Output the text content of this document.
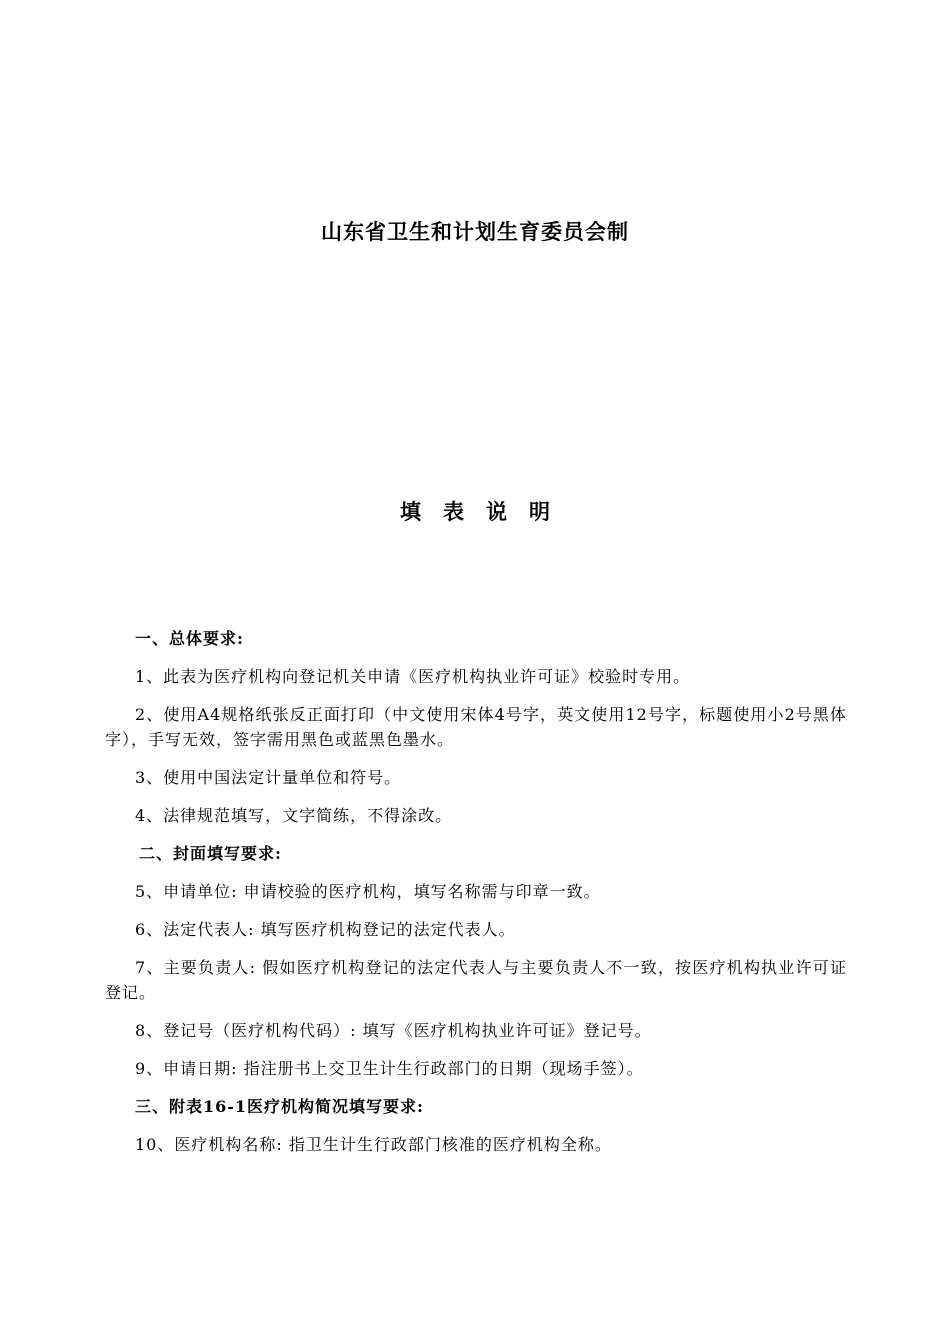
山东省卫生和计划生育委员会制
填 表 说 明
一、总体要求:

1、此表为医疗机构向登记机关申请《医疗机构执业许可证》校验时专用。

2、使用A4规格纸张反正面打印（中文使用宋体4号字，英文使用12号字，标题使用小2号黑体字），手写无效，签字需用黑色或蓝黑色墨水。

3、使用中国法定计量单位和符号。

4、法律规范填写，文字简练，不得涂改。

二、封面填写要求:

5、申请单位: 申请校验的医疗机构，填写名称需与印章一致。

6、法定代表人: 填写医疗机构登记的法定代表人。

7、主要负责人: 假如医疗机构登记的法定代表人与主要负责人不一致，按医疗机构执业许可证登记。

8、登记号（医疗机构代码）: 填写《医疗机构执业许可证》登记号。

9、申请日期: 指注册书上交卫生计生行政部门的日期（现场手签）。

三、附表16-1医疗机构简况填写要求:

10、医疗机构名称: 指卫生计生行政部门核准的医疗机构全称。
